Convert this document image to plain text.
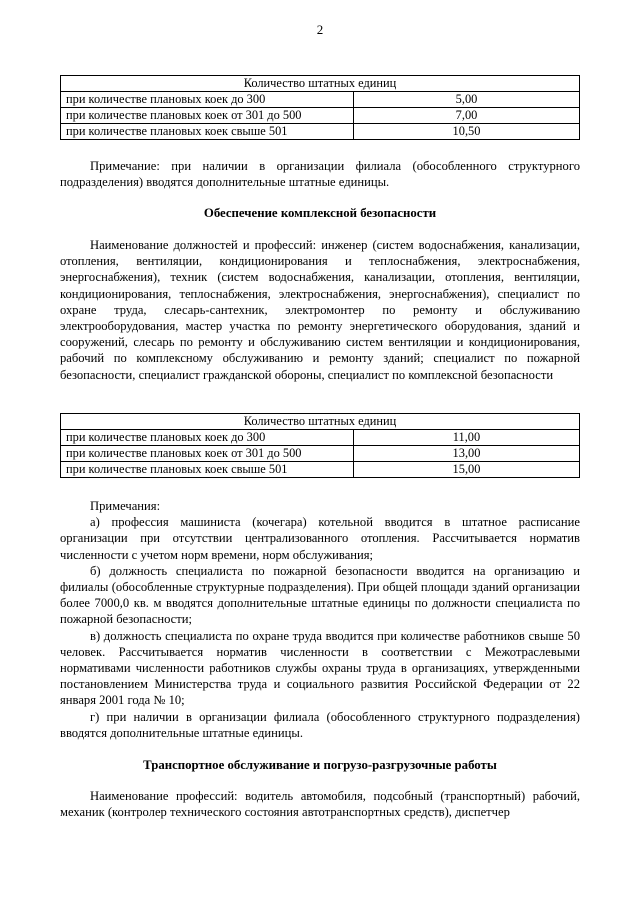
2
Количество штатных единиц	
при количестве плановых коек до 300	5,00
при количестве плановых коек от 301 до 500	7,00
при количестве плановых коек свыше 501	10,50

Примечание: при наличии в организации филиала (обособленного структурного подразделения) вводятся дополнительные штатные единицы.

Обеспечение комплексной безопасности

Наименование должностей и профессий: инженер (систем водоснабжения, канализации, отопления, вентиляции, кондиционирования и теплоснабжения, электроснабжения, энергоснабжения), техник (систем водоснабжения, канализации, отопления, вентиляции, кондиционирования, теплоснабжения, электроснабжения, энергоснабжения), специалист по охране труда, слесарь-сантехник, электромонтер по ремонту и обслуживанию электрооборудования, мастер участка по ремонту энергетического оборудования, зданий и сооружений, слесарь по ремонту и обслуживанию систем вентиляции и кондиционирования, рабочий по комплексному обслуживанию и ремонту зданий; специалист по пожарной безопасности, специалист гражданской обороны, специалист по комплексной безопасности

Количество штатных единиц	
при количестве плановых коек до 300	11,00
при количестве плановых коек от 301 до 500	13,00
при количестве плановых коек свыше 501	15,00

Примечания:

а) профессия машиниста (кочегара) котельной вводится в штатное расписание организации при отсутствии централизованного отопления. Рассчитывается норматив численности с учетом норм времени, норм обслуживания;

б) должность специалиста по пожарной безопасности вводится на организацию и филиалы (обособленные структурные подразделения). При общей площади зданий организации более 7000,0 кв. м вводятся дополнительные штатные единицы по должности специалиста по пожарной безопасности;

в) должность специалиста по охране труда вводится при количестве работников свыше 50 человек. Рассчитывается норматив численности в соответствии с Межотраслевыми нормативами численности работников службы охраны труда в организациях, утвержденными постановлением Министерства труда и социального развития Российской Федерации от 22 января 2001 года № 10;

г) при наличии в организации филиала (обособленного структурного подразделения) вводятся дополнительные штатные единицы.

Транспортное обслуживание и погрузо-разгрузочные работы

Наименование профессий: водитель автомобиля, подсобный (транспортный) рабочий, механик (контролер технического состояния автотранспортных средств), диспетчер
